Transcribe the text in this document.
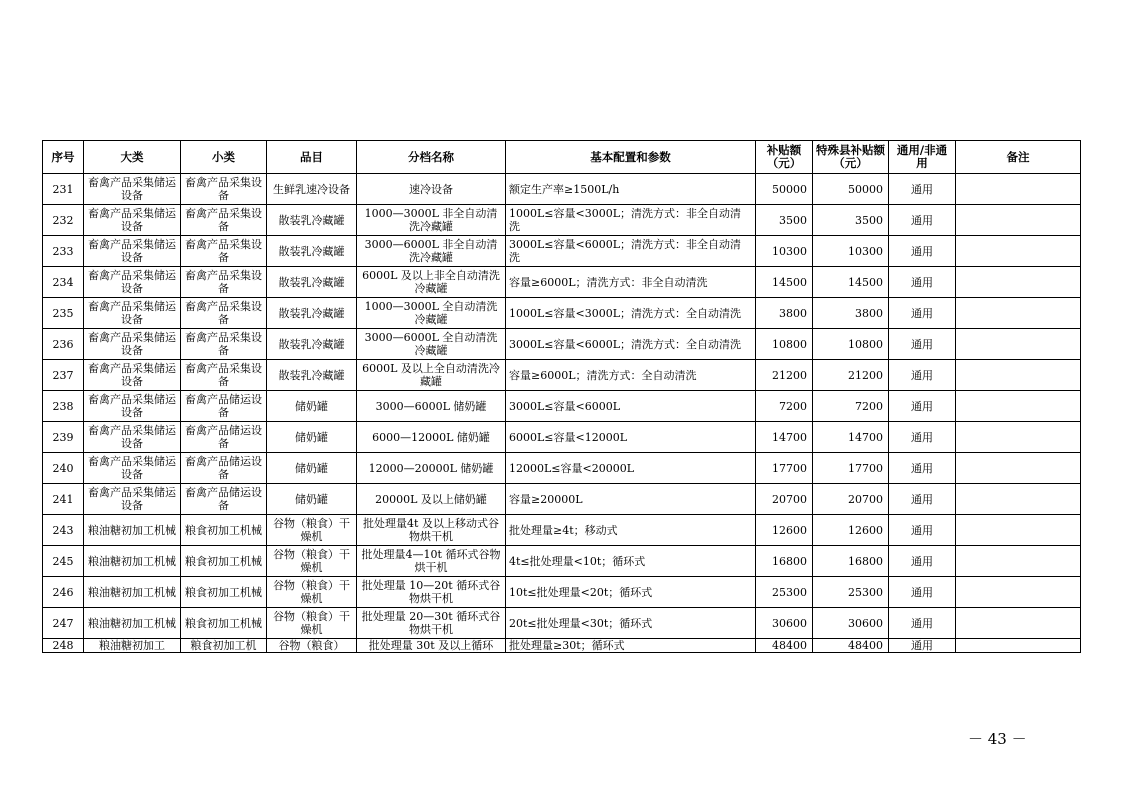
序号	大类	小类	品目	分档名称	基本配置和参数	补贴额（元）	特殊县补贴额（元）	通用/非通用	备注
231	畜禽产品采集储运设备	畜禽产品采集设备	生鲜乳速冷设备	速冷设备	额定生产率≥1500L/h	50000	50000	通用	
232	畜禽产品采集储运设备	畜禽产品采集设备	散装乳冷藏罐	1000—3000L 非全自动清洗冷藏罐	1000L≤容量<3000L；清洗方式：非全自动清洗	3500	3500	通用	
233	畜禽产品采集储运设备	畜禽产品采集设备	散装乳冷藏罐	3000—6000L 非全自动清洗冷藏罐	3000L≤容量<6000L；清洗方式：非全自动清洗	10300	10300	通用	
234	畜禽产品采集储运设备	畜禽产品采集设备	散装乳冷藏罐	6000L 及以上非全自动清洗冷藏罐	容量≥6000L；清洗方式：非全自动清洗	14500	14500	通用	
235	畜禽产品采集储运设备	畜禽产品采集设备	散装乳冷藏罐	1000—3000L 全自动清洗冷藏罐	1000L≤容量<3000L；清洗方式：全自动清洗	3800	3800	通用	
236	畜禽产品采集储运设备	畜禽产品采集设备	散装乳冷藏罐	3000—6000L 全自动清洗冷藏罐	3000L≤容量<6000L；清洗方式：全自动清洗	10800	10800	通用	
237	畜禽产品采集储运设备	畜禽产品采集设备	散装乳冷藏罐	6000L 及以上全自动清洗冷藏罐	容量≥6000L；清洗方式：全自动清洗	21200	21200	通用	
238	畜禽产品采集储运设备	畜禽产品储运设备	储奶罐	3000—6000L 储奶罐	3000L≤容量<6000L	7200	7200	通用	
239	畜禽产品采集储运设备	畜禽产品储运设备	储奶罐	6000—12000L 储奶罐	6000L≤容量<12000L	14700	14700	通用	
240	畜禽产品采集储运设备	畜禽产品储运设备	储奶罐	12000—20000L 储奶罐	12000L≤容量<20000L	17700	17700	通用	
241	畜禽产品采集储运设备	畜禽产品储运设备	储奶罐	20000L 及以上储奶罐	容量≥20000L	20700	20700	通用	
243	粮油糖初加工机械	粮食初加工机械	谷物（粮食）干燥机	批处理量4t 及以上移动式谷物烘干机	批处理量≥4t；移动式	12600	12600	通用	
245	粮油糖初加工机械	粮食初加工机械	谷物（粮食）干燥机	批处理量4—10t 循环式谷物烘干机	4t≤批处理量<10t；循环式	16800	16800	通用	
246	粮油糖初加工机械	粮食初加工机械	谷物（粮食）干燥机	批处理量 10—20t 循环式谷物烘干机	10t≤批处理量<20t；循环式	25300	25300	通用	
247	粮油糖初加工机械	粮食初加工机械	谷物（粮食）干燥机	批处理量 20—30t 循环式谷物烘干机	20t≤批处理量<30t；循环式	30600	30600	通用	
248	粮油糖初加工	粮食初加工机	谷物（粮食）	批处理量 30t 及以上循环	批处理量≥30t；循环式	48400	48400	通用	
－ 43 －
